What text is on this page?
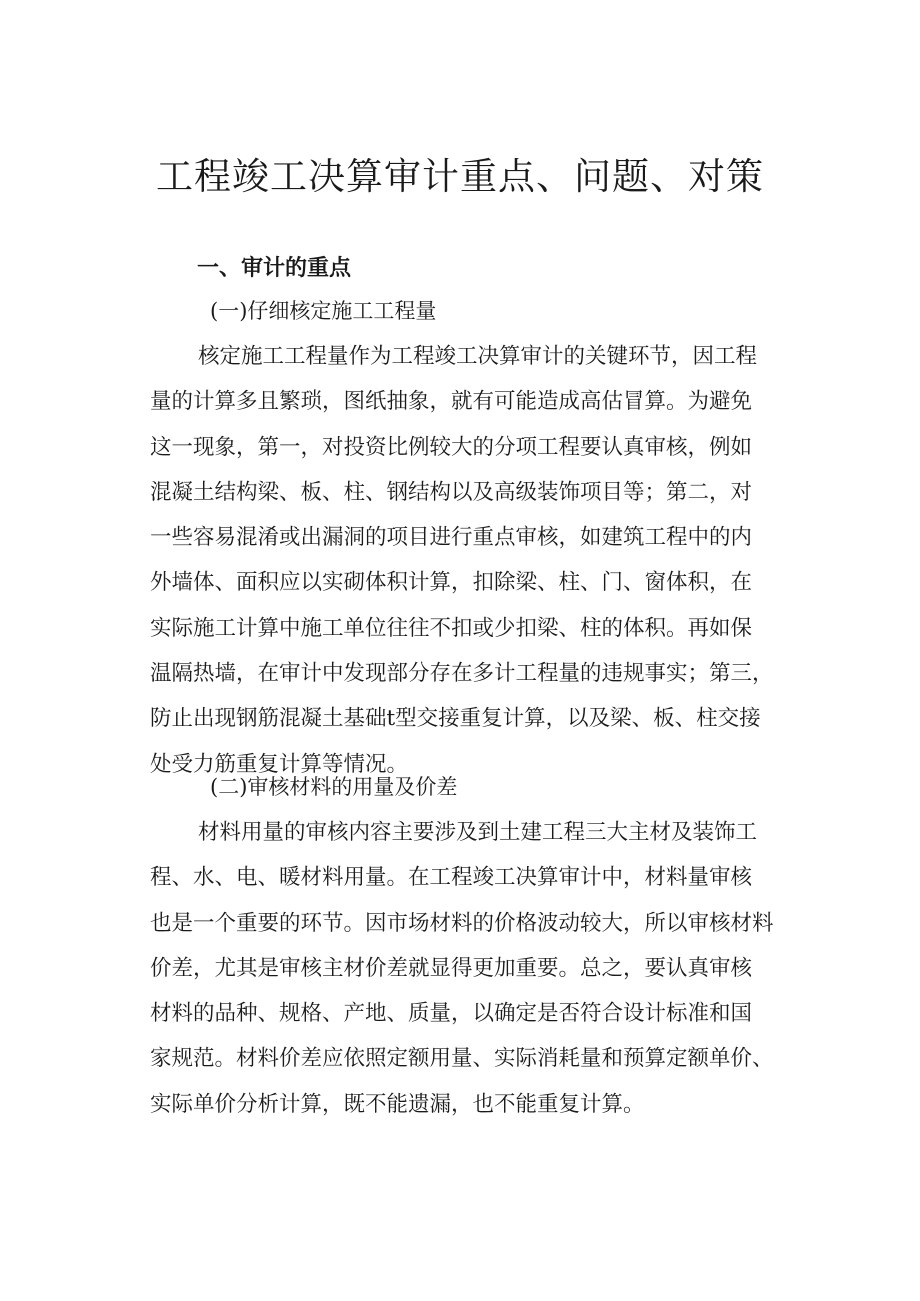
工程竣工决算审计重点、问题、对策
一、审计的重点
(一)仔细核定施工工程量
核定施工工程量作为工程竣工决算审计的关键环节，因工程
量的计算多且繁琐，图纸抽象，就有可能造成高估冒算。为避免
这一现象，第一，对投资比例较大的分项工程要认真审核，例如
混凝土结构梁、板、柱、钢结构以及高级装饰项目等；第二，对
一些容易混淆或出漏洞的项目进行重点审核，如建筑工程中的内
外墙体、面积应以实砌体积计算，扣除梁、柱、门、窗体积，在
实际施工计算中施工单位往往不扣或少扣梁、柱的体积。再如保
温隔热墙，在审计中发现部分存在多计工程量的违规事实；第三，
防止出现钢筋混凝土基础t型交接重复计算，以及梁、板、柱交接
处受力筋重复计算等情况。
(二)审核材料的用量及价差
材料用量的审核内容主要涉及到土建工程三大主材及装饰工
程、水、电、暖材料用量。在工程竣工决算审计中，材料量审核
也是一个重要的环节。因市场材料的价格波动较大，所以审核材料
价差，尤其是审核主材价差就显得更加重要。总之，要认真审核
材料的品种、规格、产地、质量，以确定是否符合设计标准和国
家规范。材料价差应依照定额用量、实际消耗量和预算定额单价、
实际单价分析计算，既不能遗漏，也不能重复计算。
